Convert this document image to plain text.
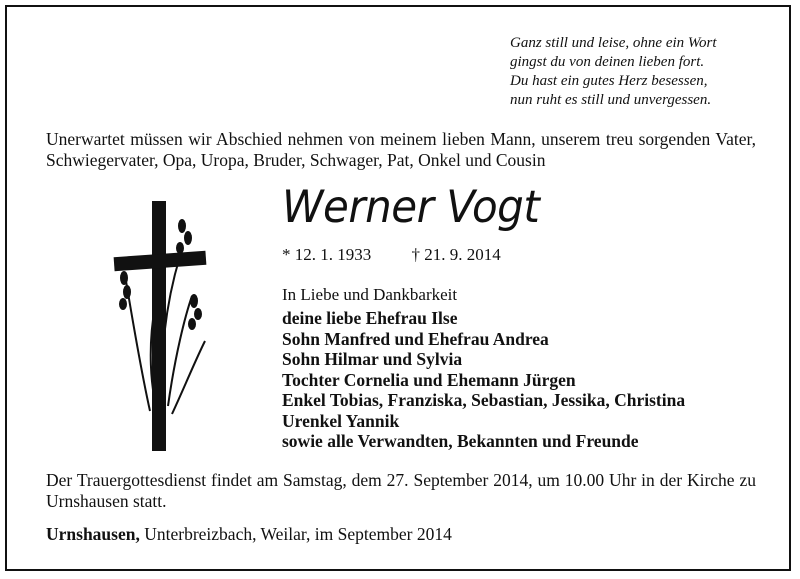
Ganz still und leise, ohne ein Wort
gingst du von deinen lieben fort.
Du hast ein gutes Herz besessen,
nun ruht es still und unvergessen.
Unerwartet müssen wir Abschied nehmen von meinem lieben Mann, unserem treu sorgenden Vater, Schwiegervater, Opa, Uropa, Bruder, Schwager, Pat, Onkel und Cousin
Werner Vogt
* 12. 1. 1933 † 21. 9. 2014
In Liebe und Dankbarkeit
deine liebe Ehefrau Ilse
Sohn Manfred und Ehefrau Andrea
Sohn Hilmar und Sylvia
Tochter Cornelia und Ehemann Jürgen
Enkel Tobias, Franziska, Sebastian, Jessika, Christina
Urenkel Yannik
sowie alle Verwandten, Bekannten und Freunde
Der Trauergottesdienst findet am Samstag, dem 27. September 2014, um 10.00 Uhr in der Kirche zu Urnshausen statt.
Urnshausen, Unterbreizbach, Weilar, im September 2014
